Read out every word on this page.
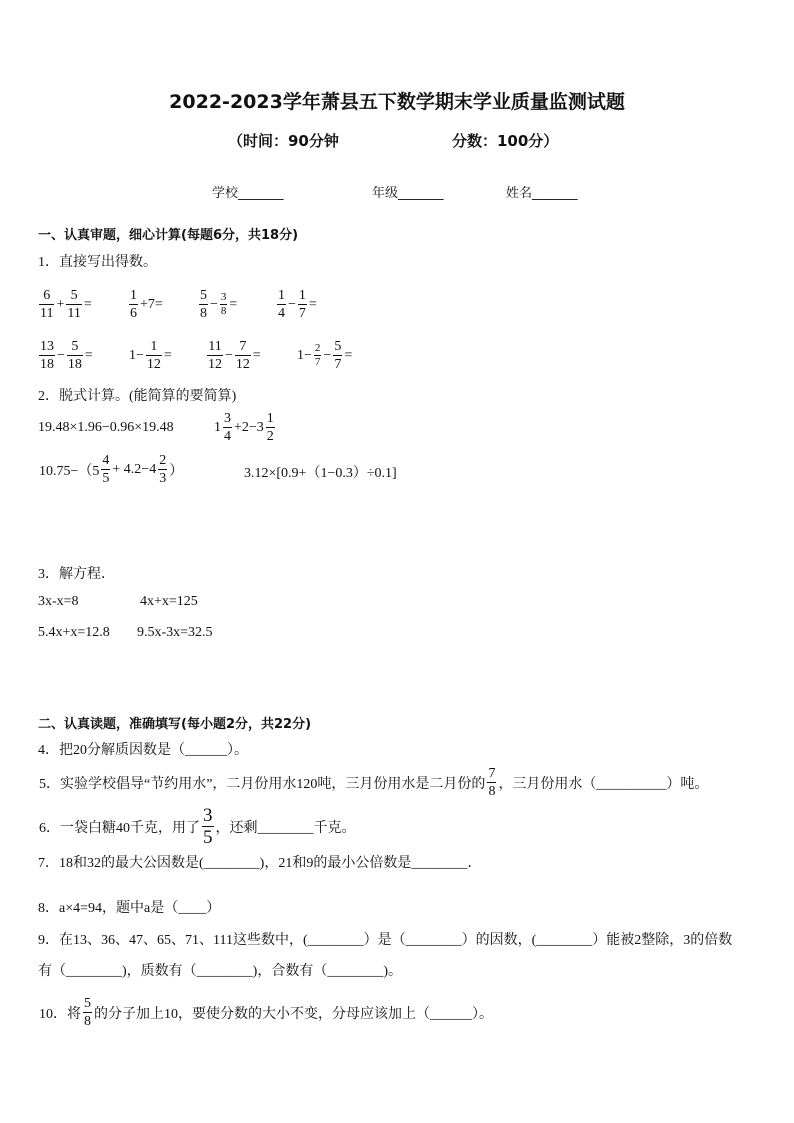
2022-2023学年萧县五下数学期末学业质量监测试题
（时间：90分钟	分数：100分）
学校_______	年级_______	姓名_______
一、认真审题，细心计算(每题6分，共18分)
1．直接写出得数。
$\frac{6}{11} + \frac{5}{11}$ =	$\frac{1}{6} +7=$	$\frac{5}{8} - \frac{3}{8}$ =	$\frac{1}{4} - \frac{1}{7}$ =
$\frac{13}{18} - \frac{5}{18}$ =	$1- \frac{1}{12}$ =	$\frac{11}{12} - \frac{7}{12}$ =	$1- \frac{2}{7} - \frac{5}{7}$ =
2．脱式计算。(能简算的要简算)
19.48×1.96−0.96×19.48	$1 \frac{3}{4} +2-3 \frac{1}{2}$
$10.75-(5 \frac{4}{5} + 4.2-4 \frac{2}{3}$ ）	3.12×[0.9+（1−0.3）÷0.1]
3．解方程．
3x-x=8	4x+x=125
5.4x+x=12.8 9.5x-3x=32.5
二、认真读题，准确填写(每小题2分，共22分)
4．把20分解质因数是（______）。
5．实验学校倡导“节约用水”，二月份用水120吨，三月份用水是二月份的 $\frac{7}{8}$ ，三月份用水（__________）吨。
6．一袋白糖40千克，用了 $\frac{3}{5}$ ，还剩________千克。
7．18和32的最大公因数是(________)，21和9的最小公倍数是________．
8．a×4=94，题中a是（____）
9．在13、36、47、65、71、111这些数中，(________）是（________）的因数，(________）能被2整除，3的倍数
有（________)，质数有（________)，合数有（________)。
10．将 $\frac{5}{8}$ 的分子加上10，要使分数的大小不变，分母应该加上（______）。
